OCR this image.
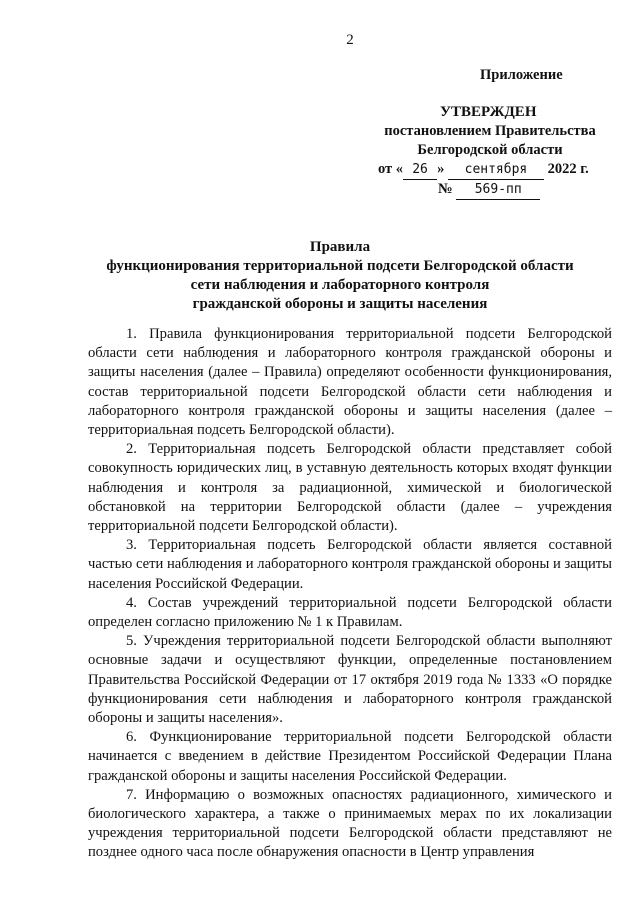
2
Приложение
УТВЕРЖДЕН
постановлением Правительства
Белгородской области
от « 26 » сентября 2022 г.
№ 569-пп
Правила
функционирования территориальной подсети Белгородской области
сети наблюдения и лабораторного контроля
гражданской обороны и защиты населения

1. Правила функционирования территориальной подсети Белгородской области сети наблюдения и лабораторного контроля гражданской обороны и защиты населения (далее – Правила) определяют особенности функционирования, состав территориальной подсети Белгородской области сети наблюдения и лабораторного контроля гражданской обороны и защиты населения (далее – территориальная подсеть Белгородской области).

2. Территориальная подсеть Белгородской области представляет собой совокупность юридических лиц, в уставную деятельность которых входят функции наблюдения и контроля за радиационной, химической и биологической обстановкой на территории Белгородской области (далее – учреждения территориальной подсети Белгородской области).

3. Территориальная подсеть Белгородской области является составной частью сети наблюдения и лабораторного контроля гражданской обороны и защиты населения Российской Федерации.

4. Состав учреждений территориальной подсети Белгородской области определен согласно приложению № 1 к Правилам.

5. Учреждения территориальной подсети Белгородской области выполняют основные задачи и осуществляют функции, определенные постановлением Правительства Российской Федерации от 17 октября 2019 года № 1333 «О порядке функционирования сети наблюдения и лабораторного контроля гражданской обороны и защиты населения».

6. Функционирование территориальной подсети Белгородской области начинается с введением в действие Президентом Российской Федерации Плана гражданской обороны и защиты населения Российской Федерации.

7. Информацию о возможных опасностях радиационного, химического и биологического характера, а также о принимаемых мерах по их локализации учреждения территориальной подсети Белгородской области представляют не позднее одного часа после обнаружения опасности в Центр управления
